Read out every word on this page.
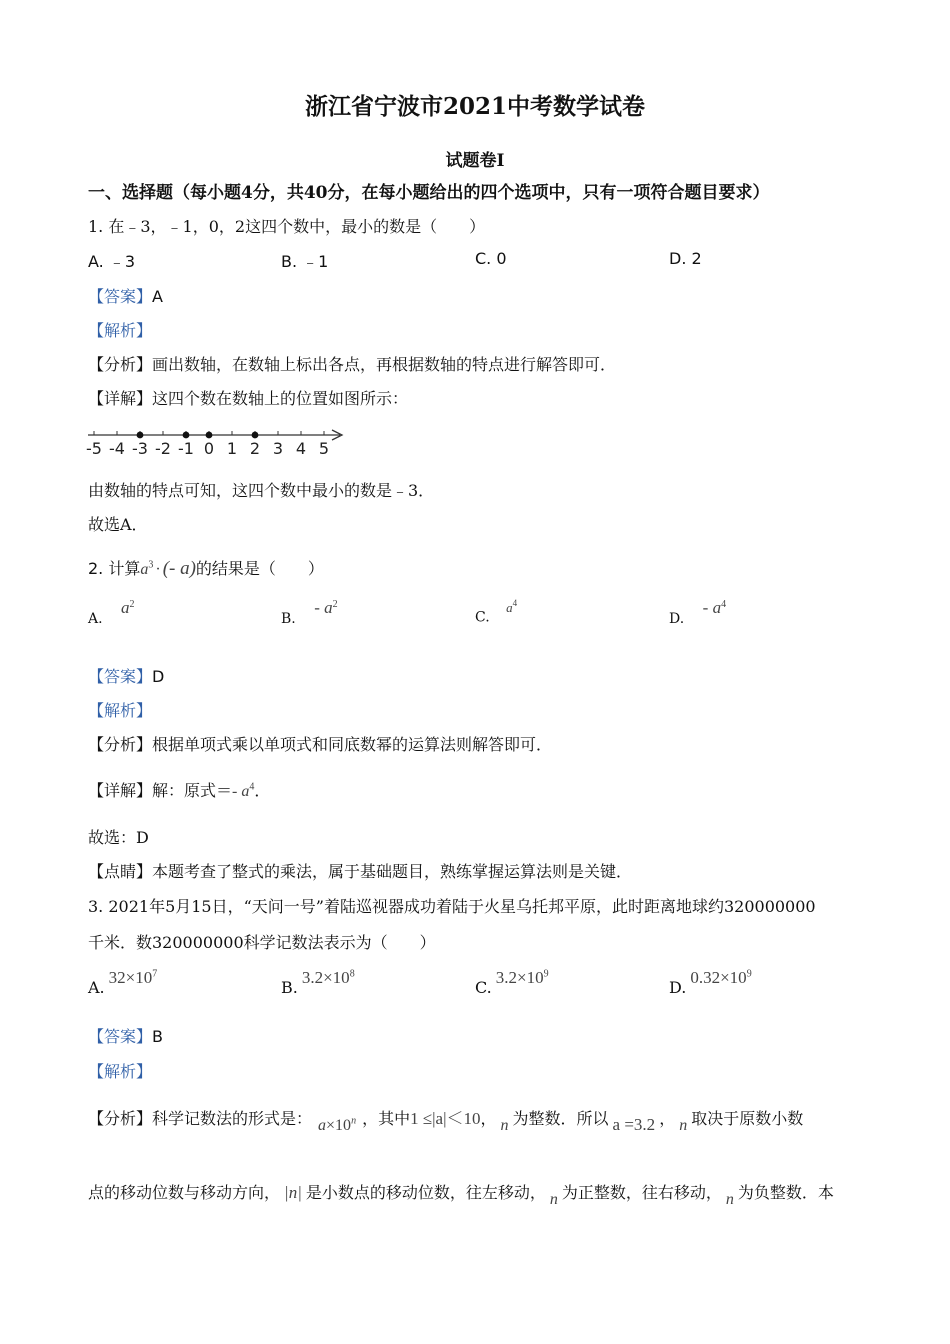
浙江省宁波市2021中考数学试卷
试题卷Ⅰ
一、选择题（每小题4分，共40分，在每小题给出的四个选项中，只有一项符合题目要求）
1. 在﹣3，﹣1，0，2这四个数中，最小的数是（　　）
A. ﹣3	B. ﹣1	C. 0	D. 2
【答案】A
【解析】
【分析】画出数轴，在数轴上标出各点，再根据数轴的特点进行解答即可．
【详解】这四个数在数轴上的位置如图所示：
-5 -4 -3 -2 -1 0 1 2 3 4 5
由数轴的特点可知，这四个数中最小的数是﹣3．
故选A．
2. 计算$a^3$ · (- a)的结果是（　　）
A. $a^2$
B. - $a^2$
C. $a^4$
D. - $a^4$
【答案】D
【解析】
【分析】根据单项式乘以单项式和同底数幂的运算法则解答即可．
【详解】解：原式＝- $a^4$．
故选：D
【点睛】本题考查了整式的乘法，属于基础题目，熟练掌握运算法则是关键．
3. 2021年5月15日，“天问一号”着陆巡视器成功着陆于火星乌托邦平原，此时距离地球约320000000
千米．数320000000科学记数法表示为（　　）
$A.32\times 10^7$
$B.3.2\times 10^8$
$C.3.2\times 10^9$
$D.0.32\times 10^9$
【答案】B
【解析】
【分析】科学记数法的形式是： $a\times 10^n$ ，其中1 ≤|a|＜10， n 为整数．所以 a =3.2 ， n 取决于原数小数
点的移动位数与移动方向， |n| 是小数点的移动位数，往左移动， n 为正整数，往右移动， n 为负整数．本
